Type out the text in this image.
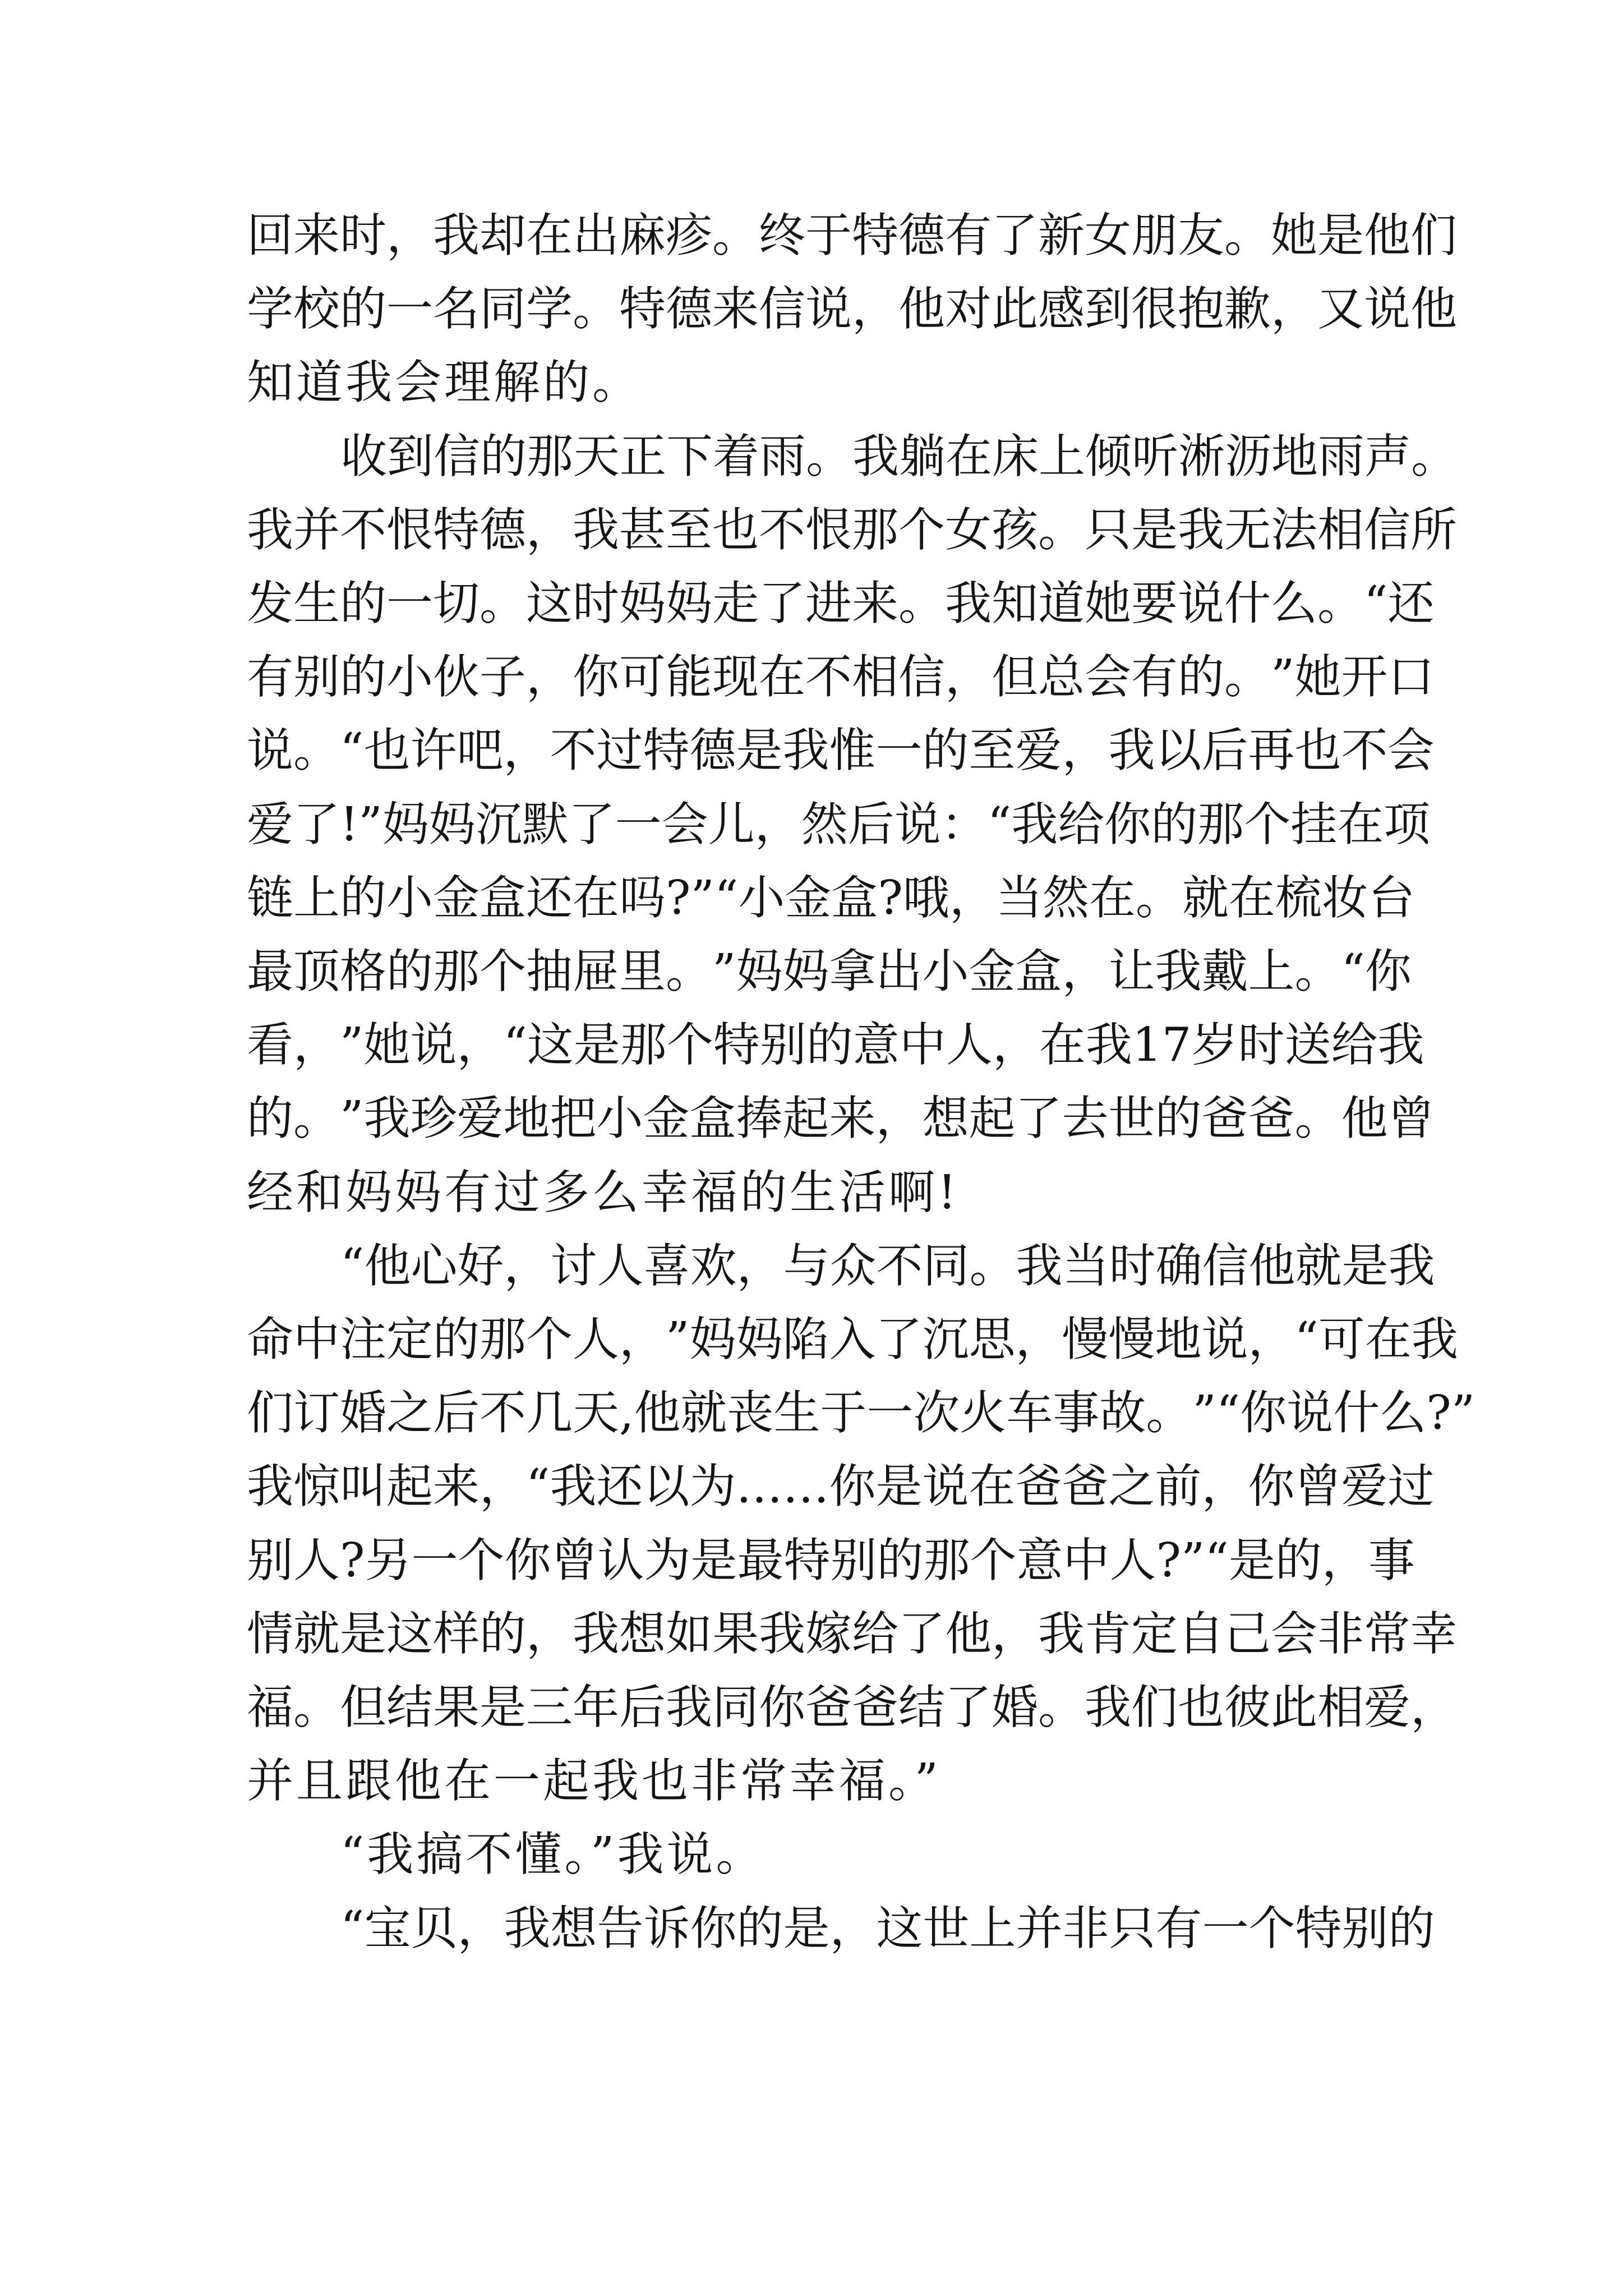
回 来 时 ， 我 却 在 出 麻 疹 。 终 于 特 德 有 了 新 女 朋 友 。 她 是 他 们
学 校 的 一 名 同 学 。 特 德 来 信 说 ， 他 对 此 感 到 很 抱 歉 ， 又 说 他
知道我会理解的。
收 到 信 的 那 天 正 下 着 雨 。 我 躺 在 床 上 倾 听 淅 沥 地 雨 声 。
我 并 不 恨 特 德 ， 我 甚 至 也 不 恨 那 个 女 孩 。 只 是 我 无 法 相 信 所
发 生 的 一 切 。 这 时 妈 妈 走 了 进 来 。 我 知 道 她 要 说 什 么 。 “ 还
有 别 的 小 伙 子 ， 你 可 能 现 在 不 相 信 ， 但 总 会 有 的 。 ” 她 开 口
说 。 “ 也 许 吧 ， 不 过 特 德 是 我 惟 一 的 至 爱 ， 我 以 后 再 也 不 会
爱 了 ! ” 妈 妈 沉 默 了 一 会 儿 ， 然 后 说 ： “ 我 给 你 的 那 个 挂 在 项
链 上 的 小 金 盒 还 在 吗 ? ” “ 小 金 盒 ? 哦 ， 当 然 在 。 就 在 梳 妆 台
最 顶 格 的 那 个 抽 屉 里 。 ” 妈 妈 拿 出 小 金 盒 ， 让 我 戴 上 。 “ 你
看 ， ” 她 说 ， “ 这 是 那 个 特 别 的 意 中 人 ， 在 我 17 岁 时 送 给 我
的 。 ” 我 珍 爱 地 把 小 金 盒 捧 起 来 ， 想 起 了 去 世 的 爸 爸 。 他 曾
经和妈妈有过多么幸福的生活啊!
“ 他 心 好 ， 讨 人 喜 欢 ， 与 众 不 同 。 我 当 时 确 信 他 就 是 我
命 中 注 定 的 那 个 人 ， ” 妈 妈 陷 入 了 沉 思 ， 慢 慢 地 说 ， “ 可 在 我
们 订 婚 之 后 不 几 天 , 他 就 丧 生 于 一 次 火 车 事 故 。 ” “ 你 说 什 么 ? ”
我 惊 叫 起 来 ， “ 我 还 以 为 … … 你 是 说 在 爸 爸 之 前 ， 你 曾 爱 过
别 人 ? 另 一 个 你 曾 认 为 是 最 特 别 的 那 个 意 中 人 ? ” “ 是 的 ， 事
情 就 是 这 样 的 ， 我 想 如 果 我 嫁 给 了 他 ， 我 肯 定 自 己 会 非 常 幸
福 。 但 结 果 是 三 年 后 我 同 你 爸 爸 结 了 婚 。 我 们 也 彼 此 相 爱 ，
并且跟他在一起我也非常幸福。”
“我搞不懂。”我说。
“ 宝 贝 ， 我 想 告 诉 你 的 是 ， 这 世 上 并 非 只 有 一 个 特 别 的
